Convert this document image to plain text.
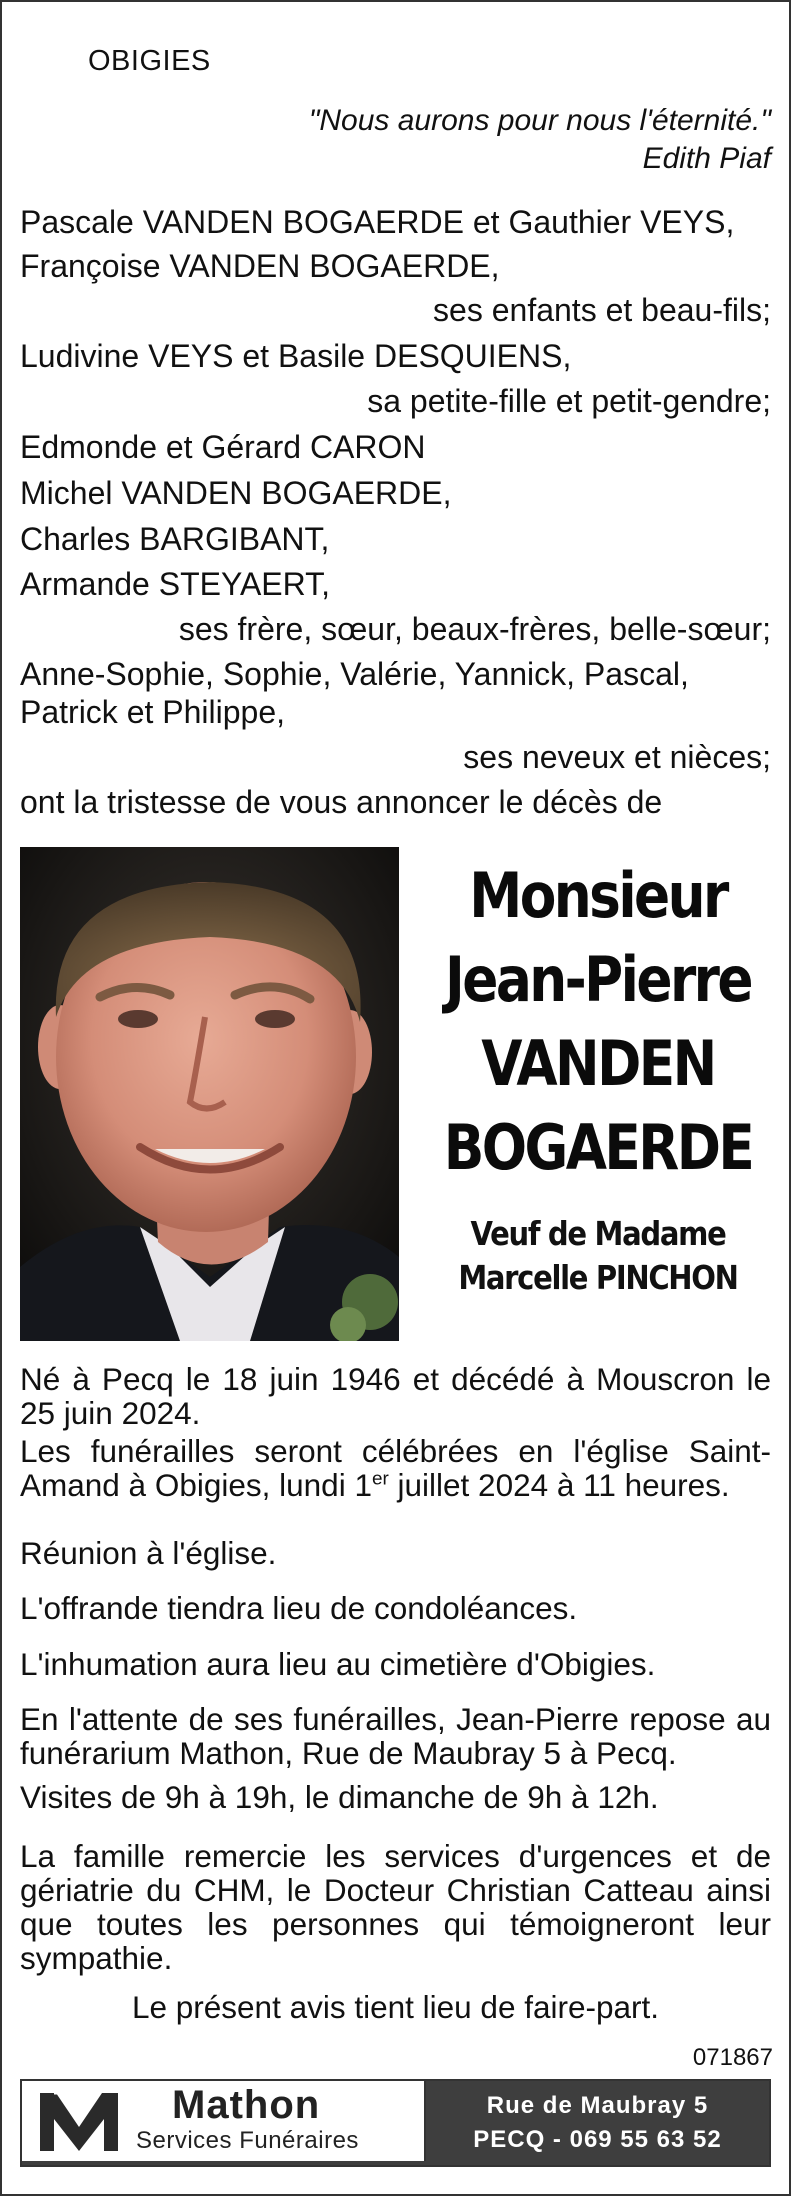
OBIGIES
"Nous aurons pour nous l'éternité."
Edith Piaf
Pascale VANDEN BOGAERDE et Gauthier VEYS,
Françoise VANDEN BOGAERDE,
ses enfants et beau-fils;
Ludivine VEYS et Basile DESQUIENS,
sa petite-fille et petit-gendre;
Edmonde et Gérard CARON
Michel VANDEN BOGAERDE,
Charles BARGIBANT,
Armande STEYAERT,
ses frère, sœur, beaux-frères, belle-sœur;
Anne-Sophie, Sophie, Valérie, Yannick, Pascal,
Patrick et Philippe,
ses neveux et nièces;
ont la tristesse de vous annoncer le décès de
Monsieur
Jean-Pierre
VANDEN
BOGAERDE
Veuf de Madame
Marcelle PINCHON
Né à Pecq le 18 juin 1946 et décédé à Mouscron le 25 juin 2024.
Les funérailles seront célébrées en l'église Saint-Amand à Obigies, lundi 1er juillet 2024 à 11 heures.
Réunion à l'église.
L'offrande tiendra lieu de condoléances.
L'inhumation aura lieu au cimetière d'Obigies.
En l'attente de ses funérailles, Jean-Pierre repose au funérarium Mathon, Rue de Maubray 5 à Pecq.
Visites de 9h à 19h, le dimanche de 9h à 12h.
La famille remercie les services d'urgences et de gériatrie du CHM, le Docteur Christian Catteau ainsi que toutes les personnes qui témoigneront leur sympathie.
Le présent avis tient lieu de faire-part.
071867
Mathon
Services Funéraires
Rue de Maubray 5
PECQ - 069 55 63 52
